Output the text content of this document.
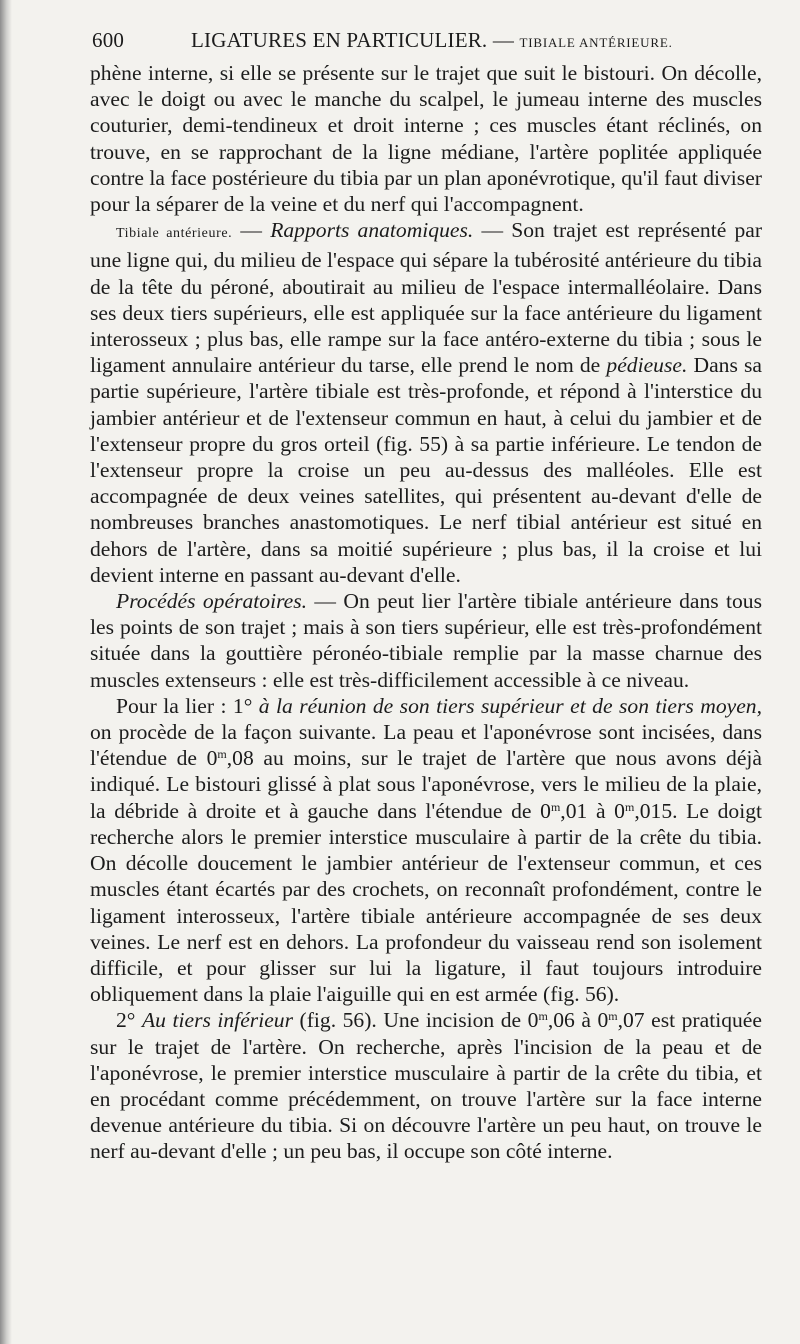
600	LIGATURES EN PARTICULIER. — TIBIALE ANTÉRIEURE.

phène interne, si elle se présente sur le trajet que suit le bistouri. On décolle, avec le doigt ou avec le manche du scalpel, le jumeau interne des muscles couturier, demi-tendineux et droit interne ; ces muscles étant réclinés, on trouve, en se rapprochant de la ligne médiane, l'artère poplitée appliquée contre la face postérieure du tibia par un plan aponévrotique, qu'il faut diviser pour la séparer de la veine et du nerf qui l'accompagnent.

Tibiale antérieure. — Rapports anatomiques. — Son trajet est représenté par une ligne qui, du milieu de l'espace qui sépare la tubérosité antérieure du tibia de la tête du péroné, aboutirait au milieu de l'espace intermalléolaire. Dans ses deux tiers supérieurs, elle est appliquée sur la face antérieure du ligament interosseux ; plus bas, elle rampe sur la face antéro-externe du tibia ; sous le ligament annulaire antérieur du tarse, elle prend le nom de pédieuse. Dans sa partie supérieure, l'artère tibiale est très-profonde, et répond à l'interstice du jambier antérieur et de l'extenseur commun en haut, à celui du jambier et de l'extenseur propre du gros orteil (fig. 55) à sa partie inférieure. Le tendon de l'extenseur propre la croise un peu au-dessus des malléoles. Elle est accompagnée de deux veines satellites, qui présentent au-devant d'elle de nombreuses branches anastomotiques. Le nerf tibial antérieur est situé en dehors de l'artère, dans sa moitié supérieure ; plus bas, il la croise et lui devient interne en passant au-devant d'elle.

Procédés opératoires. — On peut lier l'artère tibiale antérieure dans tous les points de son trajet ; mais à son tiers supérieur, elle est très-profondément située dans la gouttière péronéo-tibiale remplie par la masse charnue des muscles extenseurs : elle est très-difficilement accessible à ce niveau.

Pour la lier : 1° à la réunion de son tiers supérieur et de son tiers moyen, on procède de la façon suivante. La peau et l'aponévrose sont incisées, dans l'étendue de 0$^m$,08 au moins, sur le trajet de l'artère que nous avons déjà indiqué. Le bistouri glissé à plat sous l'aponévrose, vers le milieu de la plaie, la débride à droite et à gauche dans l'étendue de 0$^m$,01 à 0$^m$,015. Le doigt recherche alors le premier interstice musculaire à partir de la crête du tibia. On décolle doucement le jambier antérieur de l'extenseur commun, et ces muscles étant écartés par des crochets, on reconnaît profondément, contre le ligament interosseux, l'artère tibiale antérieure accompagnée de ses deux veines. Le nerf est en dehors. La profondeur du vaisseau rend son isolement difficile, et pour glisser sur lui la ligature, il faut toujours introduire obliquement dans la plaie l'aiguille qui en est armée (fig. 56).

2° Au tiers inférieur (fig. 56). Une incision de 0$^m$,06 à 0$^m$,07 est pratiquée sur le trajet de l'artère. On recherche, après l'incision de la peau et de l'aponévrose, le premier interstice musculaire à partir de la crête du tibia, et en procédant comme précédemment, on trouve l'artère sur la face interne devenue antérieure du tibia. Si on découvre l'artère un peu haut, on trouve le nerf au-devant d'elle ; un peu bas, il occupe son côté interne.
